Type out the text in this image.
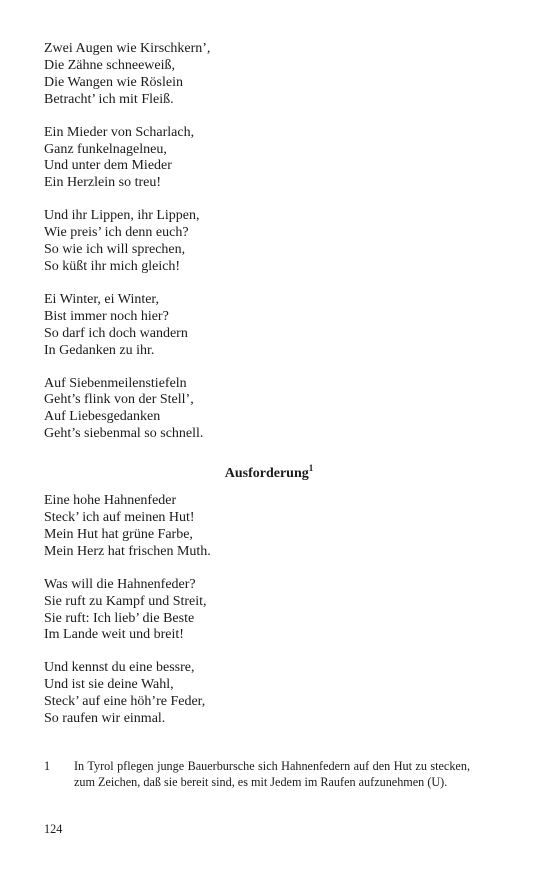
Zwei Augen wie Kirschkern’,
Die Zähne schneeweiß,
Die Wangen wie Röslein
Betracht’ ich mit Fleiß.
Ein Mieder von Scharlach,
Ganz funkelnagelneu,
Und unter dem Mieder
Ein Herzlein so treu!
Und ihr Lippen, ihr Lippen,
Wie preis’ ich denn euch?
So wie ich will sprechen,
So küßt ihr mich gleich!
Ei Winter, ei Winter,
Bist immer noch hier?
So darf ich doch wandern
In Gedanken zu ihr.
Auf Siebenmeilenstiefeln
Geht’s flink von der Stell’,
Auf Liebesgedanken
Geht’s siebenmal so schnell.
Ausforderung$^1$
Eine hohe Hahnenfeder
Steck’ ich auf meinen Hut!
Mein Hut hat grüne Farbe,
Mein Herz hat frischen Muth.
Was will die Hahnenfeder?
Sie ruft zu Kampf und Streit,
Sie ruft: Ich lieb’ die Beste
Im Lande weit und breit!
Und kennst du eine bessre,
Und ist sie deine Wahl,
Steck’ auf eine höh’re Feder,
So raufen wir einmal.
1	In Tyrol pflegen junge Bauerbursche sich Hahnenfedern auf den Hut zu stecken, zum Zeichen, daß sie bereit sind, es mit Jedem im Raufen aufzunehmen (U).
124
